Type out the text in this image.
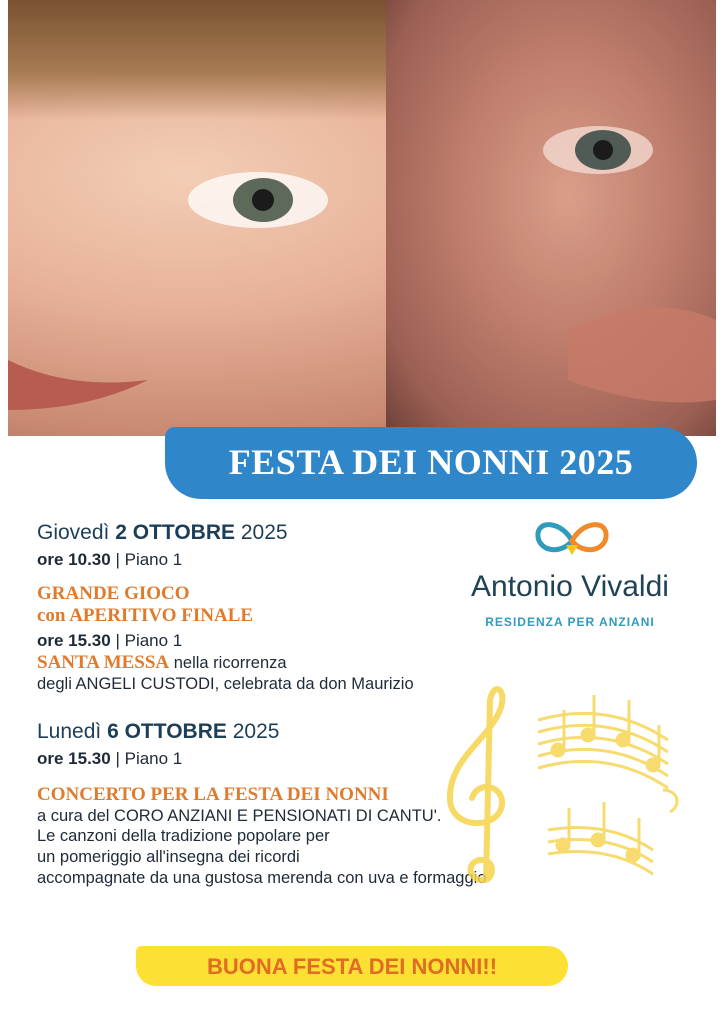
FESTA DEI NONNI 2025
Giovedì 2 OTTOBRE 2025
ore 10.30 | Piano 1
GRANDE GIOCO
con APERITIVO FINALE
ore 15.30 | Piano 1
SANTA MESSA nella ricorrenza
degli ANGELI CUSTODI, celebrata da don Maurizio
Lunedì 6 OTTOBRE 2025
ore 15.30 | Piano 1
CONCERTO PER LA FESTA DEI NONNI
a cura del CORO ANZIANI E PENSIONATI DI CANTU'.
Le canzoni della tradizione popolare per
un pomeriggio all'insegna dei ricordi
accompagnate da una gustosa merenda con uva e formaggio
Antonio Vivaldi
RESIDENZA PER ANZIANI
BUONA FESTA DEI NONNI!!
